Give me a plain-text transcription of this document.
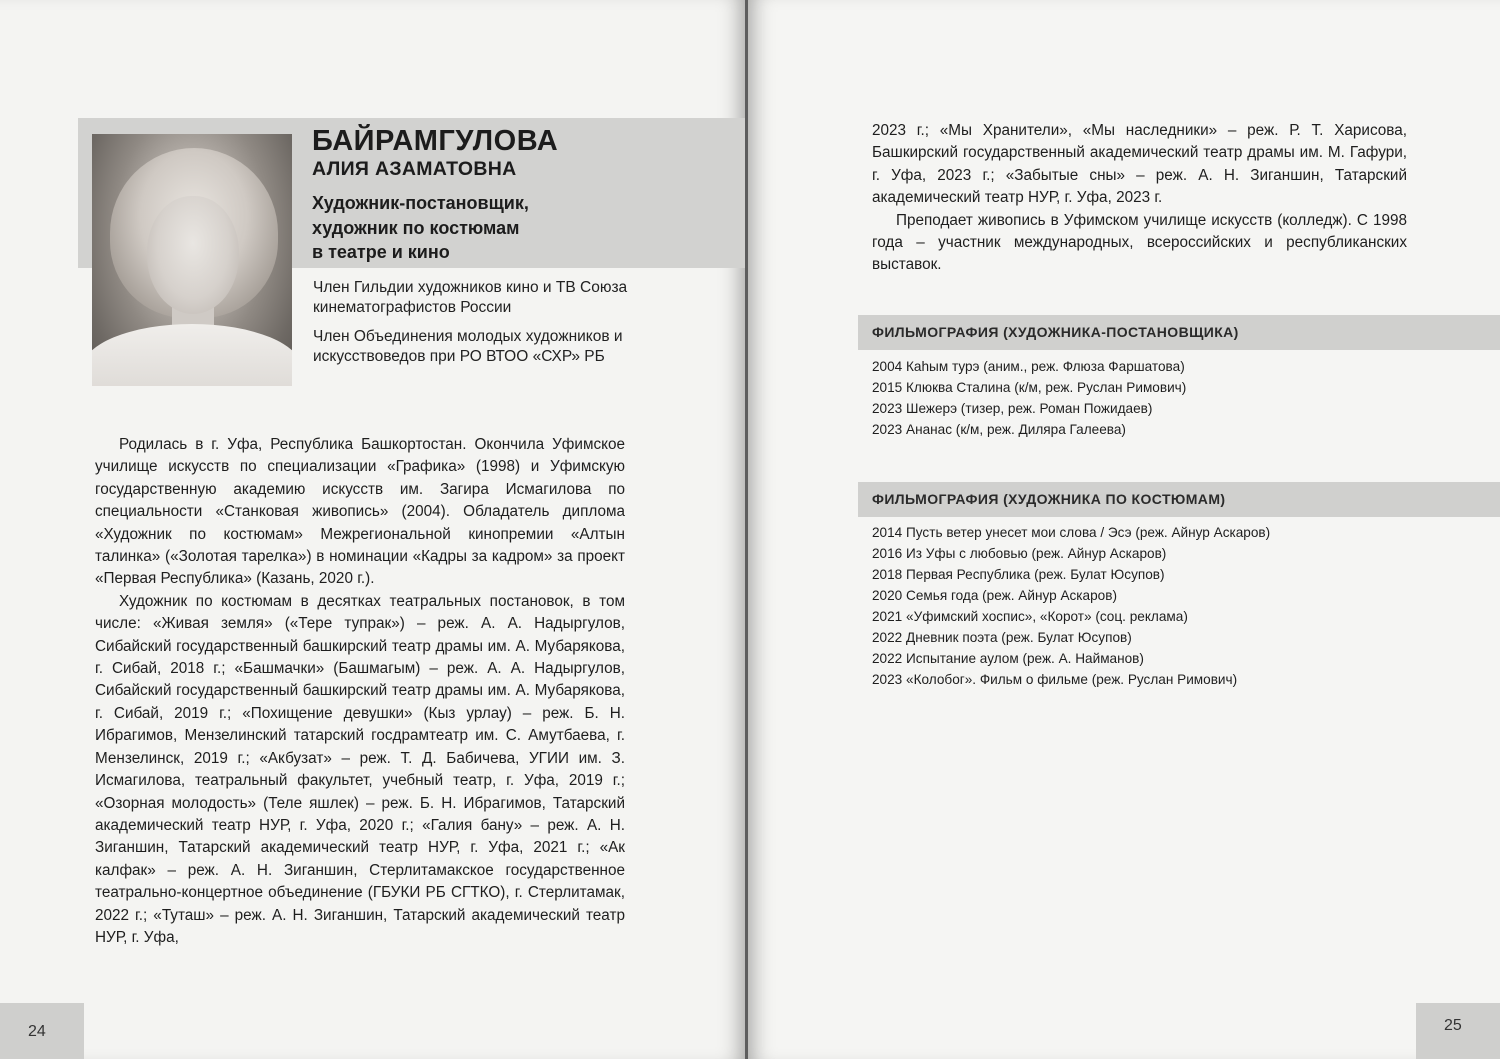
БАЙРАМГУЛОВА
АЛИЯ АЗАМАТОВНА
Художник-постановщик,
художник по костюмам
в театре и кино

Член Гильдии художников кино и ТВ Союза кинематографистов России

Член Объединения молодых художников и искусствоведов при РО ВТОО «СХР» РБ

Родилась в г. Уфа, Республика Башкортостан. Окончила Уфимское училище искусств по специализации «Графика» (1998) и Уфимскую государственную академию искусств им. Загира Исмагилова по специальности «Станковая живопись» (2004). Обладатель диплома «Художник по костюмам» Межрегиональной кинопремии «Алтын талинка» («Золотая тарелка») в номинации «Кадры за кадром» за проект «Первая Республика» (Казань, 2020 г.).

Художник по костюмам в десятках театральных постановок, в том числе: «Живая земля» («Тере тупрак») – реж. А. А. Надыргулов, Сибайский государственный башкирский театр драмы им. А. Мубарякова, г. Сибай, 2018 г.; «Башмачки» (Башмагым) – реж. А. А. Надыргулов, Сибайский государственный башкирский театр драмы им. А. Мубарякова, г. Сибай, 2019 г.; «Похищение девушки» (Кыз урлау) – реж. Б. Н. Ибрагимов, Мензелинский татарский госдрамтеатр им. С. Амутбаева, г. Мензелинск, 2019 г.; «Акбузат» – реж. Т. Д. Бабичева, УГИИ им. З. Исмагилова, театральный факультет, учебный театр, г. Уфа, 2019 г.; «Озорная молодость» (Теле яшлек) – реж. Б. Н. Ибрагимов, Татарский академический театр НУР, г. Уфа, 2020 г.; «Галия бану» – реж. А. Н. Зиганшин, Татарский академический театр НУР, г. Уфа, 2021 г.; «Ак калфак» – реж. А. Н. Зиганшин, Стерлитамакское государственное театрально-концертное объединение (ГБУКИ РБ СГТКО), г. Стерлитамак, 2022 г.; «Туташ» – реж. А. Н. Зиганшин, Татарский академический театр НУР, г. Уфа,

24

2023 г.; «Мы Хранители», «Мы наследники» – реж. Р. Т. Харисова, Башкирский государственный академический театр драмы им. М. Гафури, г. Уфа, 2023 г.; «Забытые сны» – реж. А. Н. Зиганшин, Татарский академический театр НУР, г. Уфа, 2023 г.

Преподает живопись в Уфимском училище искусств (колледж). С 1998 года – участник международных, всероссийских и республиканских выставок.

ФИЛЬМОГРАФИЯ (ХУДОЖНИКА-ПОСТАНОВЩИКА)
2004 Каһым турэ (аним., реж. Флюза Фаршатова)
2015 Клюква Сталина (к/м, реж. Руслан Римович)
2023 Шежерэ (тизер, реж. Роман Пожидаев)
2023 Ананас (к/м, реж. Диляра Галеева)
ФИЛЬМОГРАФИЯ (ХУДОЖНИКА ПО КОСТЮМАМ)
2014 Пусть ветер унесет мои слова / Эсэ (реж. Айнур Аскаров)
2016 Из Уфы с любовью (реж. Айнур Аскаров)
2018 Первая Республика (реж. Булат Юсупов)
2020 Семья года (реж. Айнур Аскаров)
2021 «Уфимский хоспис», «Корот» (соц. реклама)
2022 Дневник поэта (реж. Булат Юсупов)
2022 Испытание аулом (реж. А. Найманов)
2023 «Колобог». Фильм о фильме (реж. Руслан Римович)
25
